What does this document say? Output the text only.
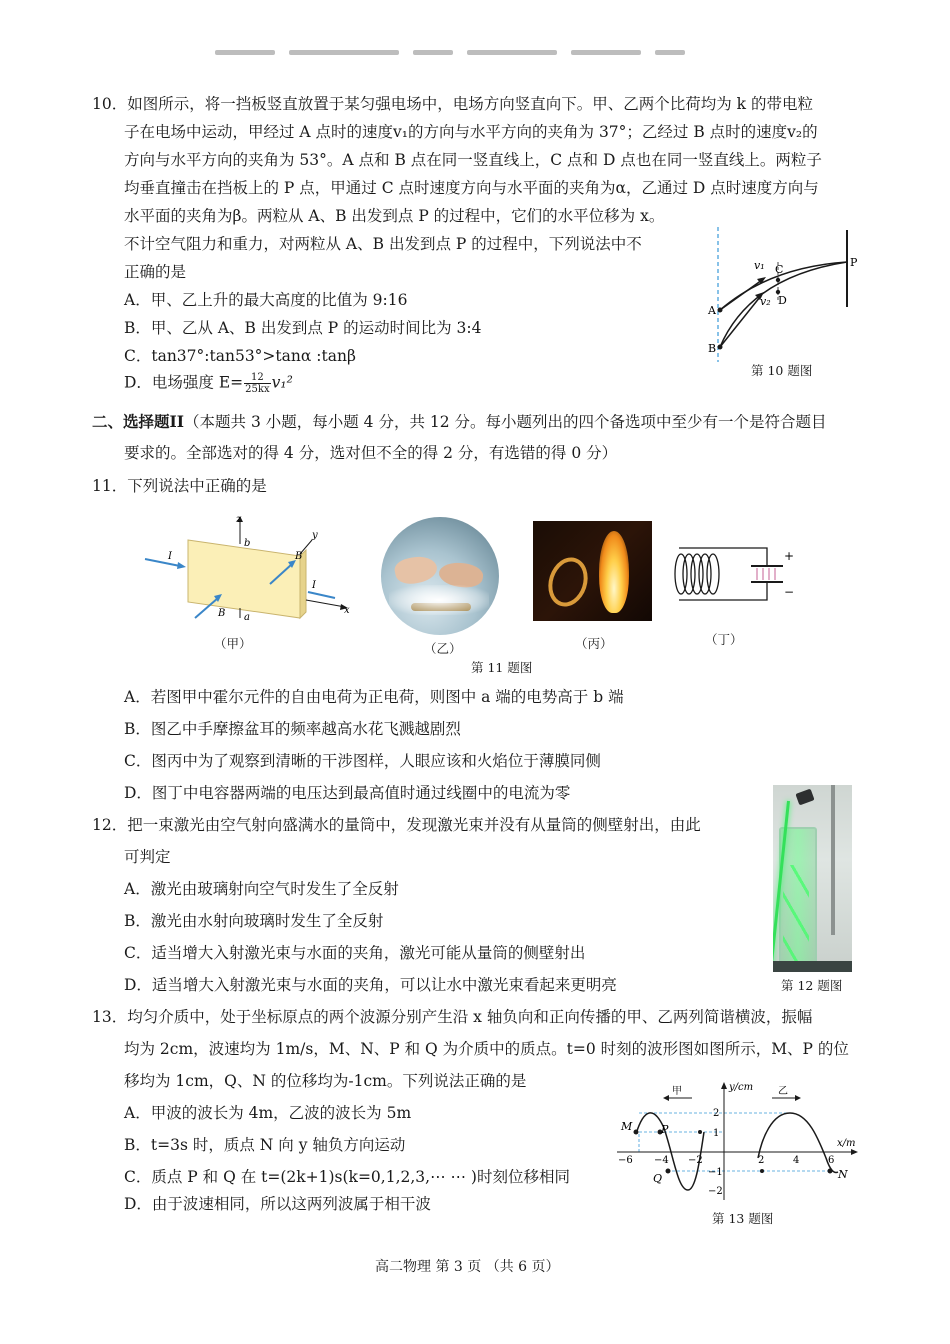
10．如图所示，将一挡板竖直放置于某匀强电场中，电场方向竖直向下。甲、乙两个比荷均为 k 的带电粒
子在电场中运动，甲经过 A 点时的速度v₁的方向与水平方向的夹角为 37°；乙经过 B 点时的速度v₂的
方向与水平方向的夹角为 53°。A 点和 B 点在同一竖直线上，C 点和 D 点也在同一竖直线上。两粒子
均垂直撞击在挡板上的 P 点，甲通过 C 点时速度方向与水平面的夹角为α，乙通过 D 点时速度方向与
水平面的夹角为β。两粒从 A、B 出发到点 P 的过程中，它们的水平位移为 x。
不计空气阻力和重力，对两粒从 A、B 出发到点 P 的过程中，下列说法中不
正确的是
A．甲、乙上升的最大高度的比值为 9:16
B．甲、乙从 A、B 出发到点 P 的运动时间比为 3:4
C．tan37°:tan53°>tanα :tanβ
D．电场强度 $E= \frac{12}{25kx} v_1^2$
A
B
C
D
P
v₁
v₂
第 10 题图
二、选择题II（本题共 3 小题，每小题 4 分，共 12 分。每小题列出的四个备选项中至少有一个是符合题目
要求的。全部选对的得 4 分，选对但不全的得 2 分，有选错的得 0 分）
11．下列说法中正确的是
z
y
x
I
I
B
B a
b
（甲）	（乙）	（丙）
+
−
（丁）
第 11 题图
A．若图甲中霍尔元件的自由电荷为正电荷，则图中 a 端的电势高于 b 端
B．图乙中手摩擦盆耳的频率越高水花飞溅越剧烈
C．图丙中为了观察到清晰的干涉图样，人眼应该和火焰位于薄膜同侧
D．图丁中电容器两端的电压达到最高值时通过线圈中的电流为零
12．把一束激光由空气射向盛满水的量筒中，发现激光束并没有从量筒的侧壁射出，由此
可判定
A．激光由玻璃射向空气时发生了全反射
B．激光由水射向玻璃时发生了全反射
C．适当增大入射激光束与水面的夹角，激光可能从量筒的侧壁射出
D．适当增大入射激光束与水面的夹角，可以让水中激光束看起来更明亮	第 12 题图
13．均匀介质中，处于坐标原点的两个波源分别产生沿 x 轴负向和正向传播的甲、乙两列简谐横波，振幅
均为 2cm，波速均为 1m/s，M、N、P 和 Q 为介质中的质点。t=0 时刻的波形图如图所示，M、P 的位
移均为 1cm，Q、N 的位移均为-1cm。下列说法正确的是
A．甲波的波长为 4m，乙波的波长为 5m
B．t=3s 时，质点 N 向 y 轴负方向运动
C．质点 P 和 Q 在 t=(2k+1)s(k=0,1,2,3,⋯ ⋯ )时刻位移相同
D．由于波速相同，所以这两列波属于相干波
y/cm
x/m
−6 −4 −2	2	4	6
2
1
−1
−2
甲	乙
M	P
Q	N
第 13 题图
高二物理 第 3 页 （共 6 页）
